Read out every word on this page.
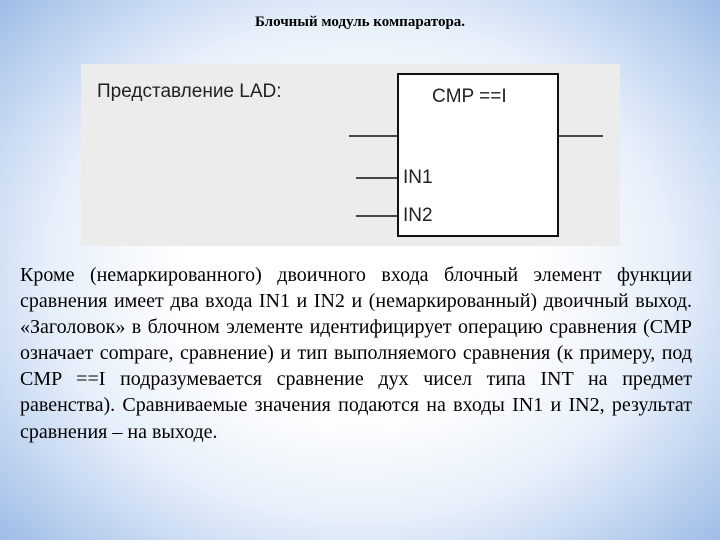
Блочный модуль компаратора.
Представление LAD:	CMP ==I
IN1
IN2

Кроме (немаркированного) двоичного входа блочный элемент функции сравнения имеет два входа IN1 и IN2 и (немаркированный) двоичный выход. «Заголовок» в блочном элементе идентифицирует операцию сравнения (CMP означает compare, сравнение) и тип выполняемого сравнения (к примеру, под CMP ==I подразумевается сравнение дух чисел типа INT на предмет равенства). Сравниваемые значения подаются на входы IN1 и IN2, результат сравнения – на выходе.
